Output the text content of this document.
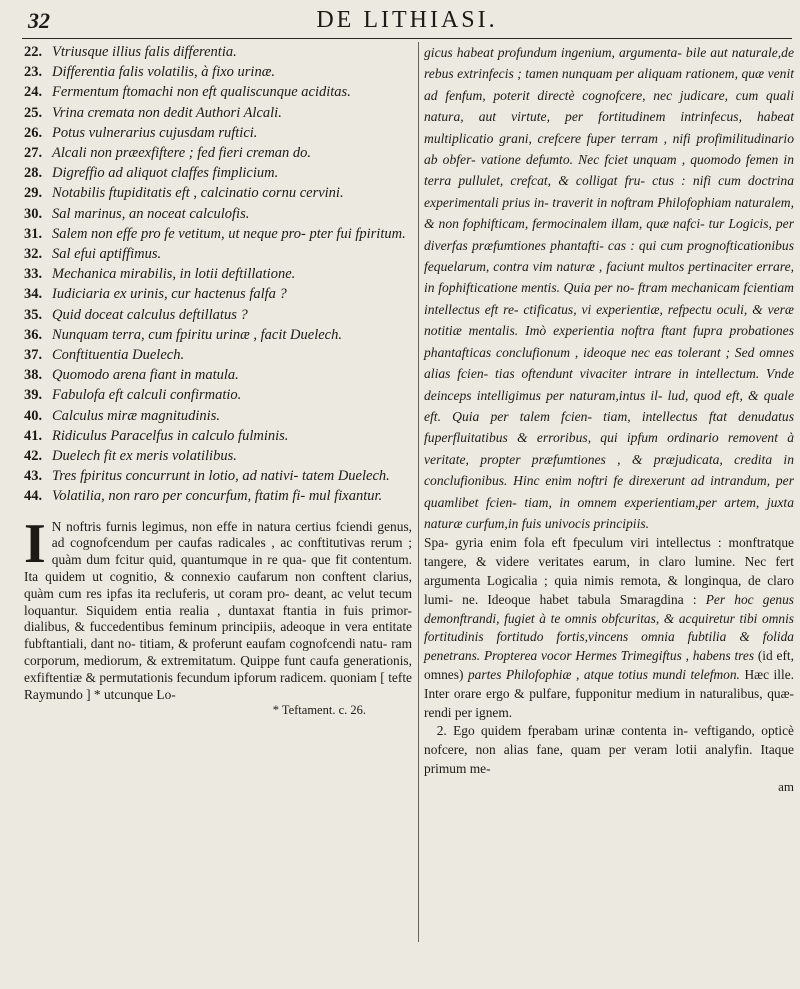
32	DE LITHIASI.
22. Vtriusque illius falis differentia.
23. Differentia falis volatilis, à fixo urinæ.
24. Fermentum ftomachi non eft qualiscunque aciditas.
25. Vrina cremata non dedit Authori Alcali.
26. Potus vulnerarius cujusdam ruftici.
27. Alcali non præexfiftere ; fed fieri creman do.
28. Digreffio ad aliquot claffes fimplicium.
29. Notabilis ftupiditatis eft , calcinatio cornu cervini.
30. Sal marinus, an noceat calculofis.
31. Salem non effe pro fe vetitum, ut neque pro- pter fui fpiritum.
32. Sal efui aptiffimus.
33. Mechanica mirabilis, in lotii deftillatione.
34. Iudiciaria ex urinis, cur hactenus falfa ?
35. Quid doceat calculus deftillatus ?
36. Nunquam terra, cum fpiritu urinæ , facit Duelech.
37. Conftituentia Duelech.
38. Quomodo arena fiant in matula.
39. Fabulofa eft calculi confirmatio.
40. Calculus miræ magnitudinis.
41. Ridiculus Paracelfus in calculo fulminis.
42. Duelech fit ex meris volatilibus.
43. Tres fpiritus concurrunt in lotio, ad nativi- tatem Duelech.
44. Volatilia, non raro per concurfum, ftatim fi- mul fixantur.
I N noftris furnis legimus, non effe in natura certius fciendi genus, ad cognofcendum per caufas radicales , ac conftitutivas rerum ; quàm dum fcitur quid, quantumque in re qua- que fit contentum. Ita quidem ut cognitio, & connexio caufarum non conftent clarius, quàm cum res ipfas ita recluferis, ut coram pro- deant, ac velut tecum loquantur. Siquidem entia realia , duntaxat ftantia in fuis primor- dialibus, & fuccedentibus feminum principiis, adeoque in vera entitate fubftantiali, dant no- titiam, & proferunt eaufam cognofcendi natu- ram corporum, mediorum, & extremitatum. Quippe funt caufa generationis, exfiftentiæ & permutationis fecundum ipforum radicem. quoniam [ tefte Raymundo ] * utcunque Lo-
* Teftament. c. 26.
gicus habeat profundum ingenium, argumenta- bile aut naturale,de rebus extrinfecis ; tamen nunquam per aliquam rationem, quæ venit ad fenfum, poterit directè cognofcere, nec judicare, cum quali natura, aut virtute, per fortitudinem intrinfecus, habeat multiplicatio grani, crefcere fuper terram , nifi profimilitudinario ab obfer- vatione defumto. Nec fciet unquam , quomodo femen in terra pullulet, crefcat, & colligat fru- ctus : nifi cum doctrina experimentali prius in- traverit in noftram Philofophiam naturalem, & non fophifticam, fermocinalem illam, quæ nafci- tur Logicis, per diverfas præfumtiones phantafti- cas : qui cum prognofticationibus fequelarum, contra vim naturæ , faciunt multos pertinaciter errare, in fophifticatione mentis. Quia per no- ftram mechanicam fcientiam intellectus eft re- ctificatus, vi experientiæ, refpectu oculi, & veræ notitiæ mentalis. Imò experientia noftra ftant fupra probationes phantafticas conclufionum , ideoque nec eas tolerant ; Sed omnes alias fcien- tias oftendunt vivaciter intrare in intellectum. Vnde deinceps intelligimus per naturam,intus il- lud, quod eft, & quale eft. Quia per talem fcien- tiam, intellectus ftat denudatus fuperfluitatibus & erroribus, qui ipfum ordinario removent à veritate, propter præfumtiones , & præjudicata, credita in conclufionibus. Hinc enim noftri fe direxerunt ad intrandum, per quamlibet fcien- tiam, in omnem experientiam,per artem, juxta naturæ curfum,in fuis univocis principiis.
Spa- gyria enim fola eft fpeculum viri intellectus : monftratque tangere, & videre veritates earum, in claro lumine. Nec fert argumenta Logicalia ; quia nimis remota, & longinqua, de claro lumi- ne. Ideoque habet tabula Smaragdina : Per hoc genus demonftrandi, fugiet à te omnis obfcuritas, & acquiretur tibi omnis fortitudinis fortitudo fortis,vincens omnia fubtilia & folida penetrans. Propterea vocor Hermes Trimegiftus , habens tres (id eft, omnes) partes Philofophiæ , atque totius mundi telefmon. Hæc ille. Inter orare ergo & pulfare, fupponitur medium in naturalibus, quæ- rendi per ignem.
2. Ego quidem fperabam urinæ contenta in- veftigando, opticè nofcere, non alias fane, quam per veram lotii analyfin. Itaque primum me-
am
